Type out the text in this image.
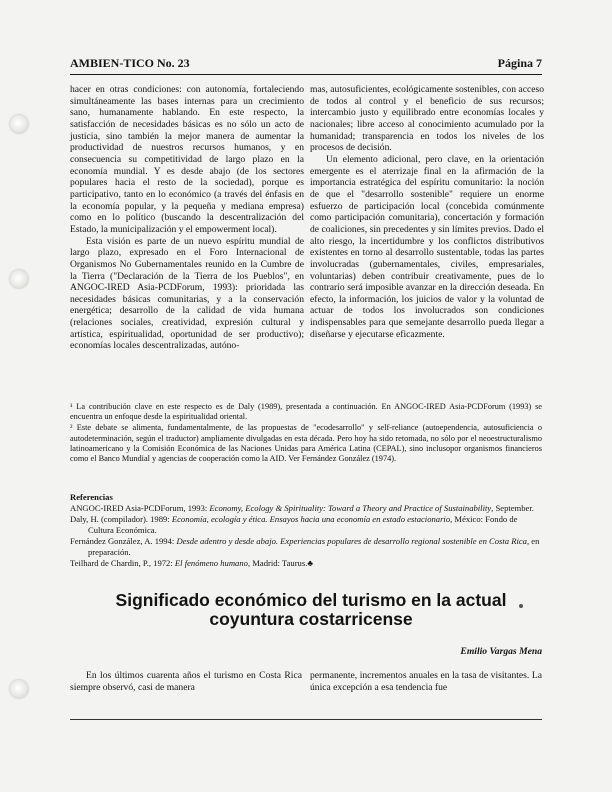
AMBIEN-TICO No. 23	Página 7

hacer en otras condiciones: con autonomía, fortaleciendo simultáneamente las bases internas para un crecimiento sano, humanamente hablando. En este respecto, la satisfacción de necesidades básicas es no sólo un acto de justicia, sino también la mejor manera de aumentar la productividad de nuestros recursos humanos, y en consecuencia su competitividad de largo plazo en la economía mundial. Y es desde abajo (de los sectores populares hacia el resto de la sociedad), porque es participativo, tanto en lo económico (a través del énfasis en la economía popular, y la pequeña y mediana empresa) como en lo político (buscando la descentralización del Estado, la municipalización y el empowerment local).

Esta visión es parte de un nuevo espíritu mundial de largo plazo, expresado en el Foro Internacional de Organismos No Gubernamentales reunido en la Cumbre de la Tierra ("Declaración de la Tierra de los Pueblos", en ANGOC-IRED Asia-PCDForum, 1993): prioridada las necesidades básicas comunitarias, y a la conservación energética; desarrollo de la calidad de vida humana (relaciones sociales, creatividad, expresión cultural y artística, espiritualidad, oportunidad de ser productivo); economías locales descentralizadas, autóno-

mas, autosuficientes, ecológicamente sostenibles, con acceso de todos al control y el beneficio de sus recursos; intercambio justo y equilibrado entre economías locales y nacionales; libre acceso al conocimiento acumulado por la humanidad; transparencia en todos los niveles de los procesos de decisión.

Un elemento adicional, pero clave, en la orientación emergente es el aterrizaje final en la afirmación de la importancia estratégica del espíritu comunitario: la noción de que el "desarrollo sostenible" requiere un enorme esfuerzo de participación local (concebida comúnmente como participación comunitaria), concertación y formación de coaliciones, sin precedentes y sin límites previos. Dado el alto riesgo, la incertidumbre y los conflictos distributivos existentes en torno al desarrollo sustentable, todas las partes involucradas (gubernamentales, civiles, empresariales, voluntarias) deben contribuir creativamente, pues de lo contrario será imposible avanzar en la dirección deseada. En efecto, la información, los juicios de valor y la voluntad de actuar de todos los involucrados son condiciones indispensables para que semejante desarrollo pueda llegar a diseñarse y ejecutarse eficazmente.

¹ La contribución clave en este respecto es de Daly (1989), presentada a continuación. En ANGOC-IRED Asia-PCDForum (1993) se encuentra un enfoque desde la espiritualidad oriental.

² Este debate se alimenta, fundamentalmente, de las propuestas de "ecodesarrollo" y self-reliance (autoependencia, autosuficiencia o autodeterminación, según el traductor) ampliamente divulgadas en esta década. Pero hoy ha sido retomada, no sólo por el neoestructuralismo latinoamericano y la Comisión Económica de las Naciones Unidas para América Latina (CEPAL), sino inclusopor organismos financieros como el Banco Mundial y agencias de cooperación como la AID. Ver Fernández González (1974).

Referencias

ANGOC-IRED Asia-PCDForum, 1993: Economy, Ecology & Spirituality: Toward a Theory and Practice of Sustainability, September.

Daly, H. (compilador). 1989: Economía, ecología y ética. Ensayos hacia una economía en estado estacionario, México: Fondo de Cultura Económica.

Fernández González, A. 1994: Desde adentro y desde abajo. Experiencias populares de desarrollo regional sostenible en Costa Rica, en preparación.

Teilhard de Chardin, P., 1972: El fenómeno humano, Madrid: Taurus.♣

Significado económico del turismo en la actual coyuntura costarricense
Emilio Vargas Mena

En los últimos cuarenta años el turismo en Costa Rica siempre observó, casi de manera

permanente, incrementos anuales en la tasa de visitantes. La única excepción a esa tendencia fue
